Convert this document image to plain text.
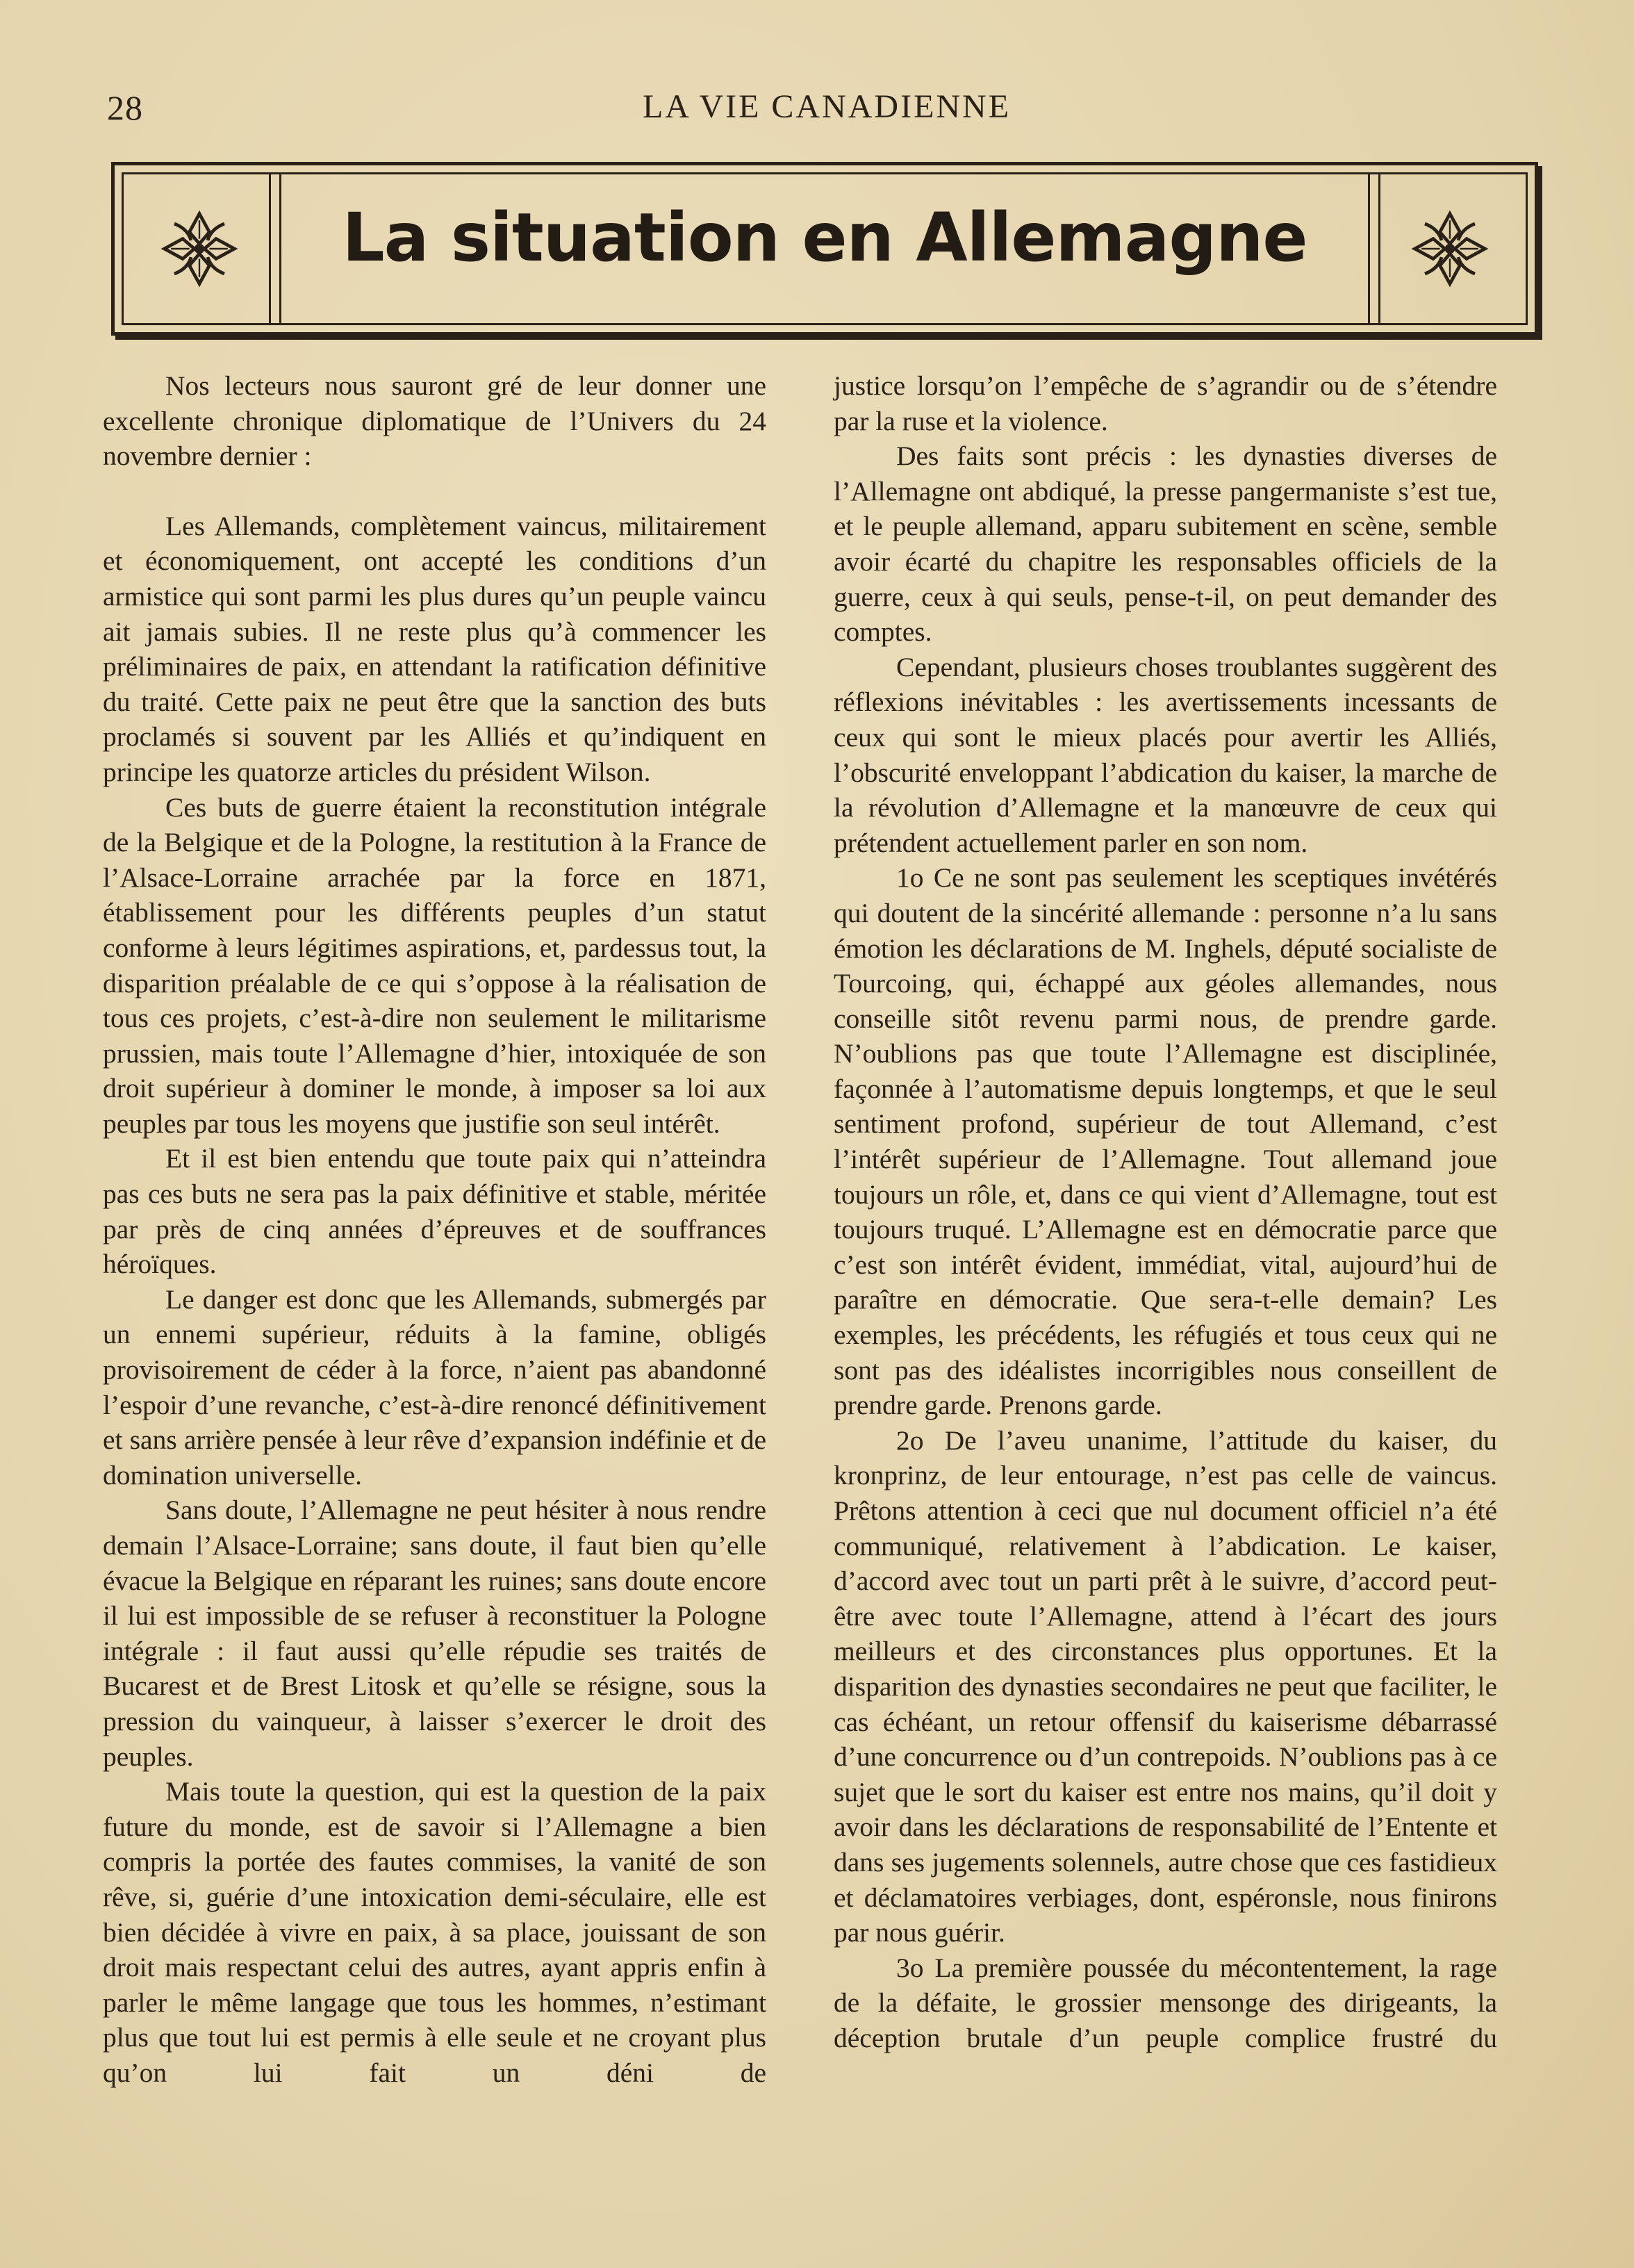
28	LA VIE CANADIENNE
La situation en Allemagne

Nos lecteurs nous sauront gré de leur donner une excellente chronique diplomatique de l’Univers du 24 novembre dernier :

Les Allemands, complètement vaincus, militairement et économiquement, ont accepté les conditions d’un armistice qui sont parmi les plus dures qu’un peuple vaincu ait jamais subies. Il ne reste plus qu’à commencer les préliminaires de paix, en attendant la ratification définitive du traité. Cette paix ne peut être que la sanction des buts proclamés si souvent par les Alliés et qu’indiquent en principe les quatorze articles du président Wilson.

Ces buts de guerre étaient la reconstitution intégrale de la Belgique et de la Pologne, la restitution à la France de l’Alsace-Lorraine arrachée par la force en 1871, établissement pour les différents peuples d’un statut conforme à leurs légitimes aspirations, et, pardessus tout, la disparition préalable de ce qui s’oppose à la réalisation de tous ces projets, c’est-à-dire non seulement le militarisme prussien, mais toute l’Allemagne d’hier, intoxiquée de son droit supérieur à dominer le monde, à imposer sa loi aux peuples par tous les moyens que justifie son seul intérêt.

Et il est bien entendu que toute paix qui n’atteindra pas ces buts ne sera pas la paix définitive et stable, méritée par près de cinq années d’épreuves et de souffrances héroïques.

Le danger est donc que les Allemands, submergés par un ennemi supérieur, réduits à la famine, obligés provisoirement de céder à la force, n’aient pas abandonné l’espoir d’une revanche, c’est-à-dire renoncé définitivement et sans arrière pensée à leur rêve d’expansion indéfinie et de domination universelle.

Sans doute, l’Allemagne ne peut hésiter à nous rendre demain l’Alsace-Lorraine; sans doute, il faut bien qu’elle évacue la Belgique en réparant les ruines; sans doute encore il lui est impossible de se refuser à reconstituer la Pologne intégrale : il faut aussi qu’elle répudie ses traités de Bucarest et de Brest Litosk et qu’elle se résigne, sous la pression du vainqueur, à laisser s’exercer le droit des peuples.

Mais toute la question, qui est la question de la paix future du monde, est de savoir si l’Allemagne a bien compris la portée des fautes commises, la vanité de son rêve, si, guérie d’une intoxication demi-séculaire, elle est bien décidée à vivre en paix, à sa place, jouissant de son droit mais respectant celui des autres, ayant appris enfin à parler le même langage que tous les hommes, n’estimant plus que tout lui est permis à elle seule et ne croyant plus qu’on lui fait un déni de

justice lorsqu’on l’empêche de s’agrandir ou de s’étendre par la ruse et la violence.

Des faits sont précis : les dynasties diverses de l’Allemagne ont abdiqué, la presse pangermaniste s’est tue, et le peuple allemand, apparu subitement en scène, semble avoir écarté du chapitre les responsables officiels de la guerre, ceux à qui seuls, pense-t-il, on peut demander des comptes.

Cependant, plusieurs choses troublantes suggèrent des réflexions inévitables : les avertissements incessants de ceux qui sont le mieux placés pour avertir les Alliés, l’obscurité enveloppant l’abdication du kaiser, la marche de la révolution d’Allemagne et la manœuvre de ceux qui prétendent actuellement parler en son nom.

1o Ce ne sont pas seulement les sceptiques invétérés qui doutent de la sincérité allemande : personne n’a lu sans émotion les déclarations de M. Inghels, député socialiste de Tourcoing, qui, échappé aux géoles allemandes, nous conseille sitôt revenu parmi nous, de prendre garde. N’oublions pas que toute l’Allemagne est disciplinée, façonnée à l’automatisme depuis longtemps, et que le seul sentiment profond, supérieur de tout Allemand, c’est l’intérêt supérieur de l’Allemagne. Tout allemand joue toujours un rôle, et, dans ce qui vient d’Allemagne, tout est toujours truqué. L’Allemagne est en démocratie parce que c’est son intérêt évident, immédiat, vital, aujourd’hui de paraître en démocratie. Que sera-t-elle demain? Les exemples, les précédents, les réfugiés et tous ceux qui ne sont pas des idéalistes incorrigibles nous conseillent de prendre garde. Prenons garde.

2o De l’aveu unanime, l’attitude du kaiser, du kronprinz, de leur entourage, n’est pas celle de vaincus. Prêtons attention à ceci que nul document officiel n’a été communiqué, relativement à l’abdication. Le kaiser, d’accord avec tout un parti prêt à le suivre, d’accord peut-être avec toute l’Allemagne, attend à l’écart des jours meilleurs et des circonstances plus opportunes. Et la disparition des dynasties secondaires ne peut que faciliter, le cas échéant, un retour offensif du kaiserisme débarrassé d’une concurrence ou d’un contrepoids. N’oublions pas à ce sujet que le sort du kaiser est entre nos mains, qu’il doit y avoir dans les déclarations de responsabilité de l’Entente et dans ses jugements solennels, autre chose que ces fastidieux et déclamatoires verbiages, dont, espéronsle, nous finirons par nous guérir.

3o La première poussée du mécontentement, la rage de la défaite, le grossier mensonge des dirigeants, la déception brutale d’un peuple complice frustré du
